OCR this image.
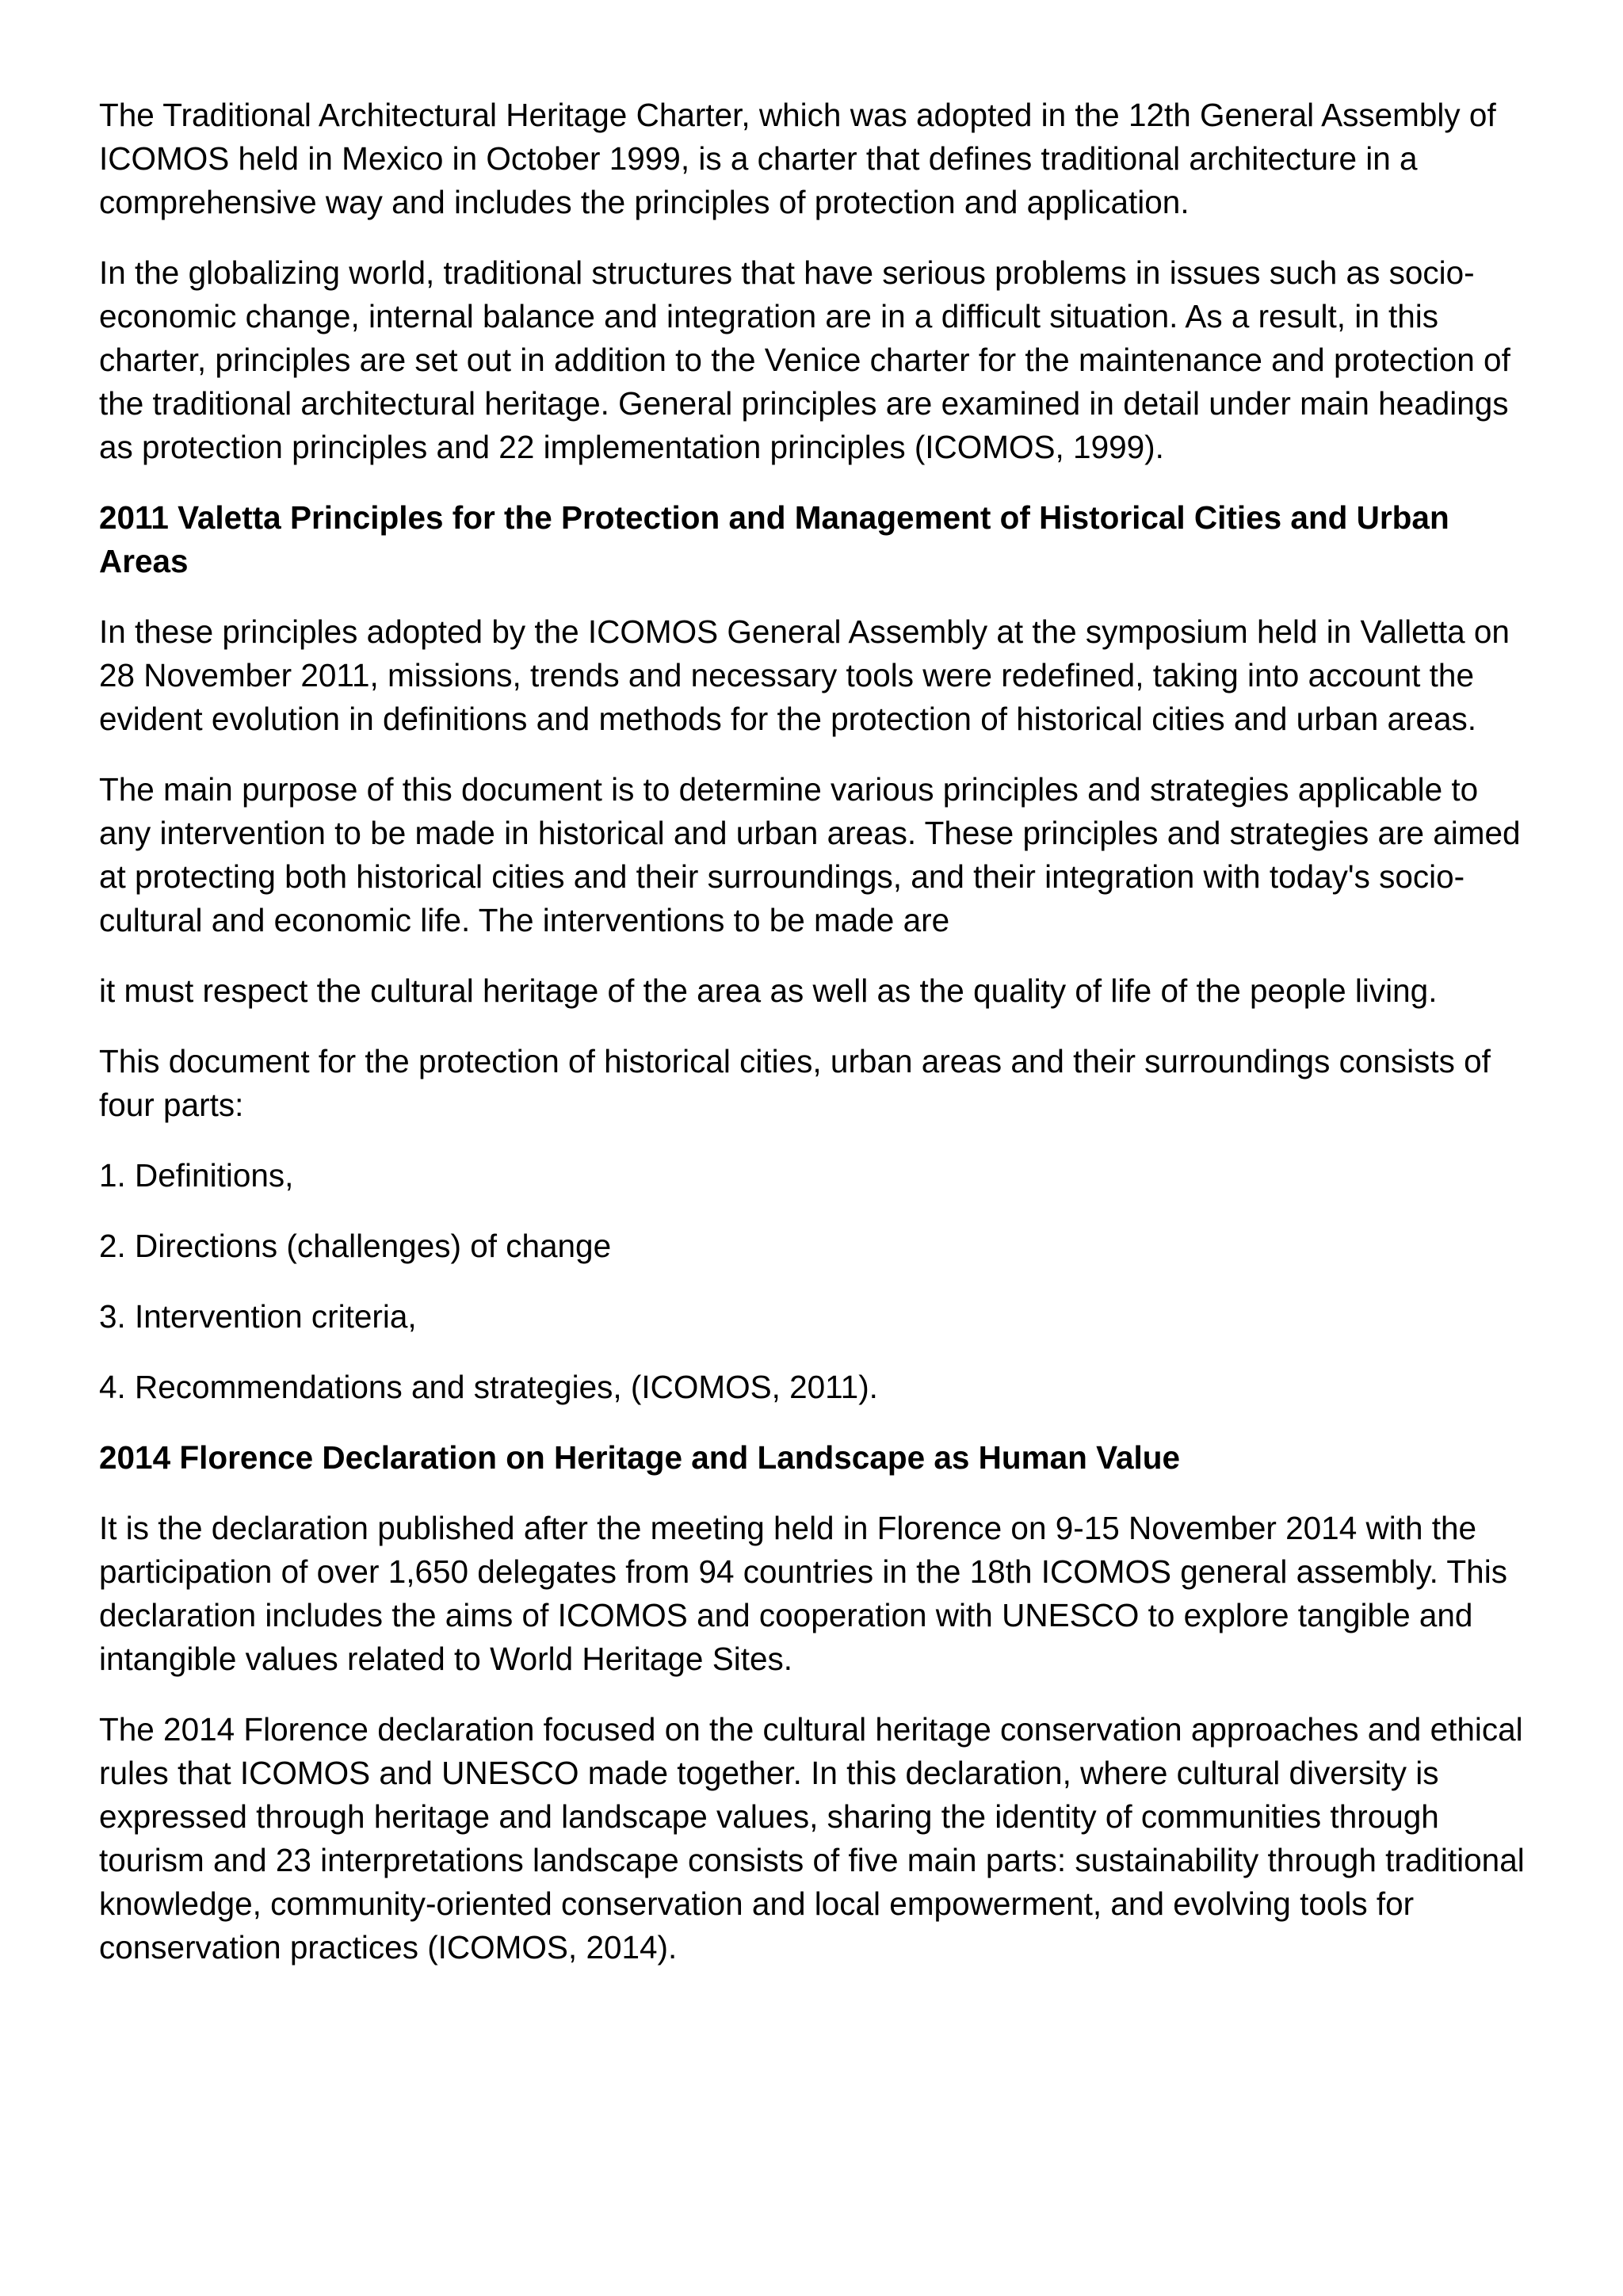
The Traditional Architectural Heritage Charter, which was adopted in the 12th General Assembly of ICOMOS held in Mexico in October 1999, is a charter that defines traditional architecture in a comprehensive way and includes the principles of protection and application.

In the globalizing world, traditional structures that have serious problems in issues such as socio-economic change, internal balance and integration are in a difficult situation. As a result, in this charter, principles are set out in addition to the Venice charter for the maintenance and protection of the traditional architectural heritage. General principles are examined in detail under main headings as protection principles and 22 implementation principles (ICOMOS, 1999).

2011 Valetta Principles for the Protection and Management of Historical Cities and Urban Areas

In these principles adopted by the ICOMOS General Assembly at the symposium held in Valletta on 28 November 2011, missions, trends and necessary tools were redefined, taking into account the evident evolution in definitions and methods for the protection of historical cities and urban areas.

The main purpose of this document is to determine various principles and strategies applicable to any intervention to be made in historical and urban areas. These principles and strategies are aimed at protecting both historical cities and their surroundings, and their integration with today's socio-cultural and economic life. The interventions to be made are

it must respect the cultural heritage of the area as well as the quality of life of the people living.

This document for the protection of historical cities, urban areas and their surroundings consists of four parts:

1. Definitions,

2. Directions (challenges) of change

3. Intervention criteria,

4. Recommendations and strategies, (ICOMOS, 2011).

2014 Florence Declaration on Heritage and Landscape as Human Value

It is the declaration published after the meeting held in Florence on 9-15 November 2014 with the participation of over 1,650 delegates from 94 countries in the 18th ICOMOS general assembly. This declaration includes the aims of ICOMOS and cooperation with UNESCO to explore tangible and intangible values related to World Heritage Sites.

The 2014 Florence declaration focused on the cultural heritage conservation approaches and ethical rules that ICOMOS and UNESCO made together. In this declaration, where cultural diversity is expressed through heritage and landscape values, sharing the identity of communities through tourism and 23 interpretations landscape consists of five main parts: sustainability through traditional knowledge, community-oriented conservation and local empowerment, and evolving tools for conservation practices (ICOMOS, 2014).
